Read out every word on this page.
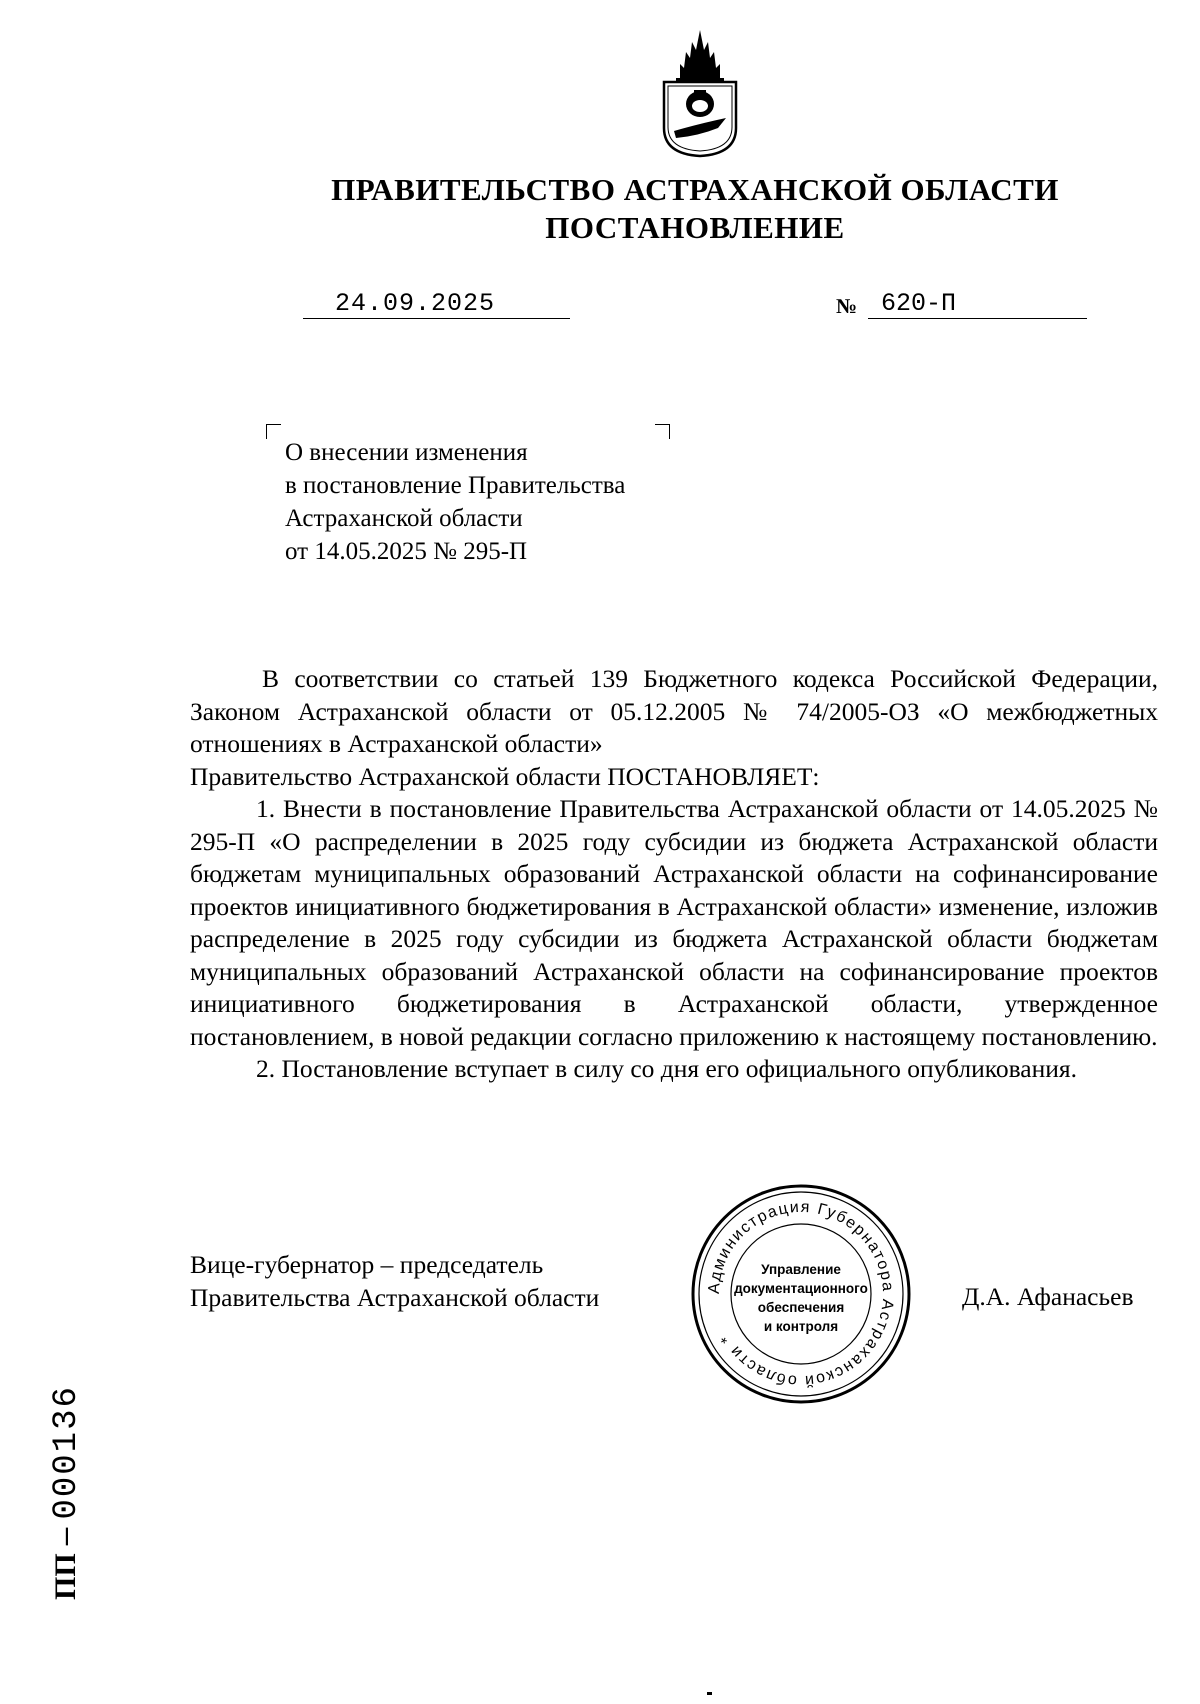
ПРАВИТЕЛЬСТВО АСТРАХАНСКОЙ ОБЛАСТИ
ПОСТАНОВЛЕНИЕ
24.09.2025	№ 620-П
О внесении изменения
в постановление Правительства
Астраханской области
от 14.05.2025 № 295-П

В соответствии со статьей 139 Бюджетного кодекса Российской Федерации, Законом Астраханской области от 05.12.2005 № 74/2005-ОЗ «О межбюджетных отношениях в Астраханской области»

Правительство Астраханской области ПОСТАНОВЛЯЕТ:

1. Внести в постановление Правительства Астраханской области от 14.05.2025 № 295-П «О распределении в 2025 году субсидии из бюджета Астраханской области бюджетам муниципальных образований Астраханской области на софинансирование проектов инициативного бюджетирования в Астраханской области» изменение, изложив распределение в 2025 году субсидии из бюджета Астраханской области бюджетам муниципальных образований Астраханской области на софинансирование проектов инициативного бюджетирования в Астраханской области, утвержденное постановлением, в новой редакции согласно приложению к настоящему постановлению.

2. Постановление вступает в силу со дня его официального опубликования.

Вице-губернатор – председатель
Правительства Астраханской области	Д.А. Афанасьев
Администрация Губернатора Астраханской области *
Управление
документационного
обеспечения
и контроля
ПП – 000136
